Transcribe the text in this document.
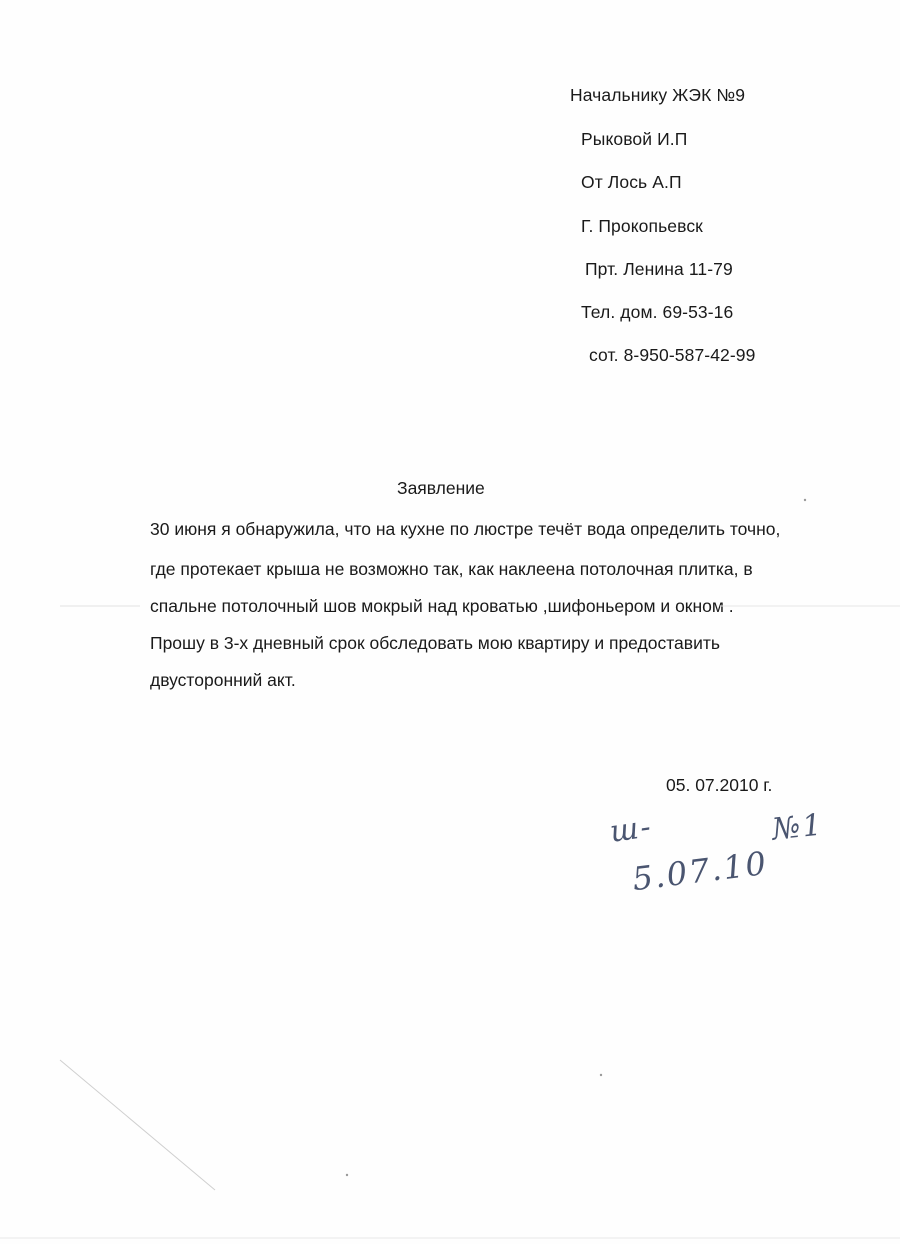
Начальнику ЖЭК №9
Рыковой И.П
От Лось А.П
Г. Прокопьевск
Прт. Ленина 11-79
Тел. дом. 69-53-16
сот. 8-950-587-42-99
Заявление
30 июня я обнаружила, что на кухне по люстре течёт вода определить точно,
где протекает крыша не возможно так, как наклеена потолочная плитка, в
спальне потолочный шов мокрый над кроватью ,шифоньером и окном .
Прошу в 3-х дневный срок обследовать мою квартиру и предоставить
двусторонний акт.
05. 07.2010 г.
ш-	№1
5.07.10
